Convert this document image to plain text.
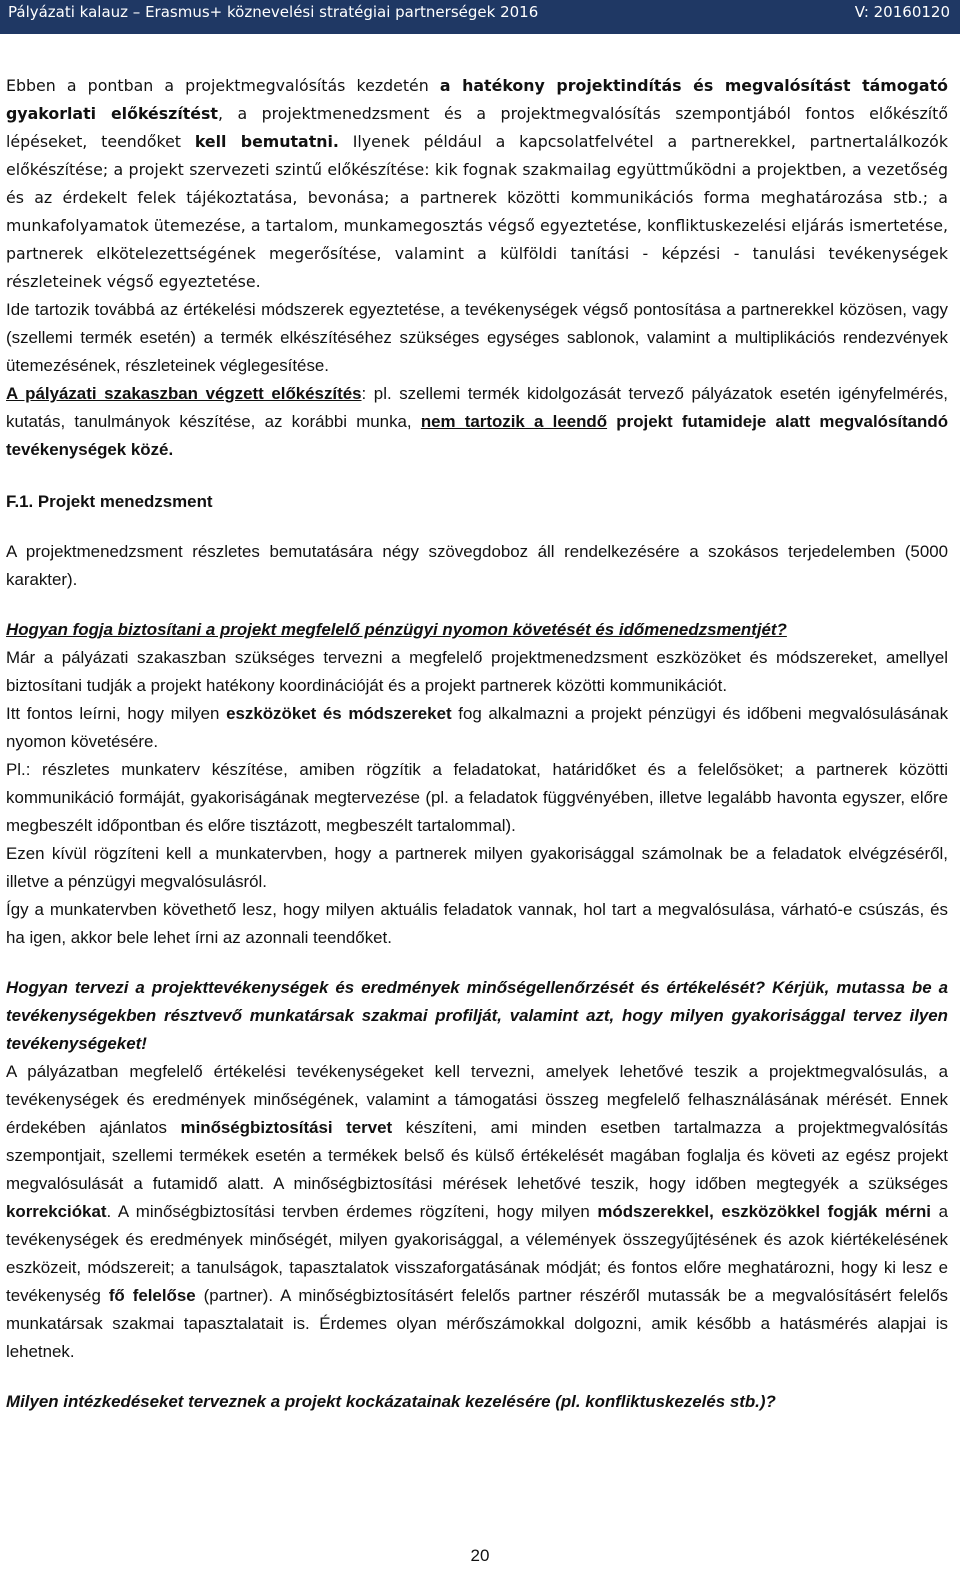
Pályázati kalauz – Erasmus+ köznevelési stratégiai partnerségek 2016	V: 20160120

Ebben a pontban a projektmegvalósítás kezdetén a hatékony projektindítás és megvalósítást támogató gyakorlati előkészítést, a projektmenedzsment és a projektmegvalósítás szempontjából fontos előkészítő lépéseket, teendőket kell bemutatni. Ilyenek például a kapcsolatfelvétel a partnerekkel, partnertalálkozók előkészítése; a projekt szervezeti szintű előkészítése: kik fognak szakmailag együttműködni a projektben, a vezetőség és az érdekelt felek tájékoztatása, bevonása; a partnerek közötti kommunikációs forma meghatározása stb.; a munkafolyamatok ütemezése, a tartalom, munkamegosztás végső egyeztetése, konfliktuskezelési eljárás ismertetése, partnerek elkötelezettségének megerősítése, valamint a külföldi tanítási - képzési - tanulási tevékenységek részleteinek végső egyeztetése.

Ide tartozik továbbá az értékelési módszerek egyeztetése, a tevékenységek végső pontosítása a partnerekkel közösen, vagy (szellemi termék esetén) a termék elkészítéséhez szükséges egységes sablonok, valamint a multiplikációs rendezvények ütemezésének, részleteinek véglegesítése.

A pályázati szakaszban végzett előkészítés: pl. szellemi termék kidolgozását tervező pályázatok esetén igényfelmérés, kutatás, tanulmányok készítése, az korábbi munka, nem tartozik a leendő projekt futamideje alatt megvalósítandó tevékenységek közé.

F.1. Projekt menedzsment

A projektmenedzsment részletes bemutatására négy szövegdoboz áll rendelkezésére a szokásos terjedelemben (5000 karakter).

Hogyan fogja biztosítani a projekt megfelelő pénzügyi nyomon követését és időmenedzsmentjét?

Már a pályázati szakaszban szükséges tervezni a megfelelő projektmenedzsment eszközöket és módszereket, amellyel biztosítani tudják a projekt hatékony koordinációját és a projekt partnerek közötti kommunikációt.

Itt fontos leírni, hogy milyen eszközöket és módszereket fog alkalmazni a projekt pénzügyi és időbeni megvalósulásának nyomon követésére.

Pl.: részletes munkaterv készítése, amiben rögzítik a feladatokat, határidőket és a felelősöket; a partnerek közötti kommunikáció formáját, gyakoriságának megtervezése (pl. a feladatok függvényében, illetve legalább havonta egyszer, előre megbeszélt időpontban és előre tisztázott, megbeszélt tartalommal).

Ezen kívül rögzíteni kell a munkatervben, hogy a partnerek milyen gyakorisággal számolnak be a feladatok elvégzéséről, illetve a pénzügyi megvalósulásról.

Így a munkatervben követhető lesz, hogy milyen aktuális feladatok vannak, hol tart a megvalósulása, várható-e csúszás, és ha igen, akkor bele lehet írni az azonnali teendőket.

Hogyan tervezi a projekttevékenységek és eredmények minőségellenőrzését és értékelését? Kérjük, mutassa be a tevékenységekben résztvevő munkatársak szakmai profilját, valamint azt, hogy milyen gyakorisággal tervez ilyen tevékenységeket!

A pályázatban megfelelő értékelési tevékenységeket kell tervezni, amelyek lehetővé teszik a projektmegvalósulás, a tevékenységek és eredmények minőségének, valamint a támogatási összeg megfelelő felhasználásának mérését. Ennek érdekében ajánlatos minőségbiztosítási tervet készíteni, ami minden esetben tartalmazza a projektmegvalósítás szempontjait, szellemi termékek esetén a termékek belső és külső értékelését magában foglalja és követi az egész projekt megvalósulását a futamidő alatt. A minőségbiztosítási mérések lehetővé teszik, hogy időben megtegyék a szükséges korrekciókat. A minőségbiztosítási tervben érdemes rögzíteni, hogy milyen módszerekkel, eszközökkel fogják mérni a tevékenységek és eredmények minőségét, milyen gyakorisággal, a vélemények összegyűjtésének és azok kiértékelésének eszközeit, módszereit; a tanulságok, tapasztalatok visszaforgatásának módját; és fontos előre meghatározni, hogy ki lesz e tevékenység fő felelőse (partner). A minőségbiztosításért felelős partner részéről mutassák be a megvalósításért felelős munkatársak szakmai tapasztalatait is. Érdemes olyan mérőszámokkal dolgozni, amik később a hatásmérés alapjai is lehetnek.

Milyen intézkedéseket terveznek a projekt kockázatainak kezelésére (pl. konfliktuskezelés stb.)?

20
